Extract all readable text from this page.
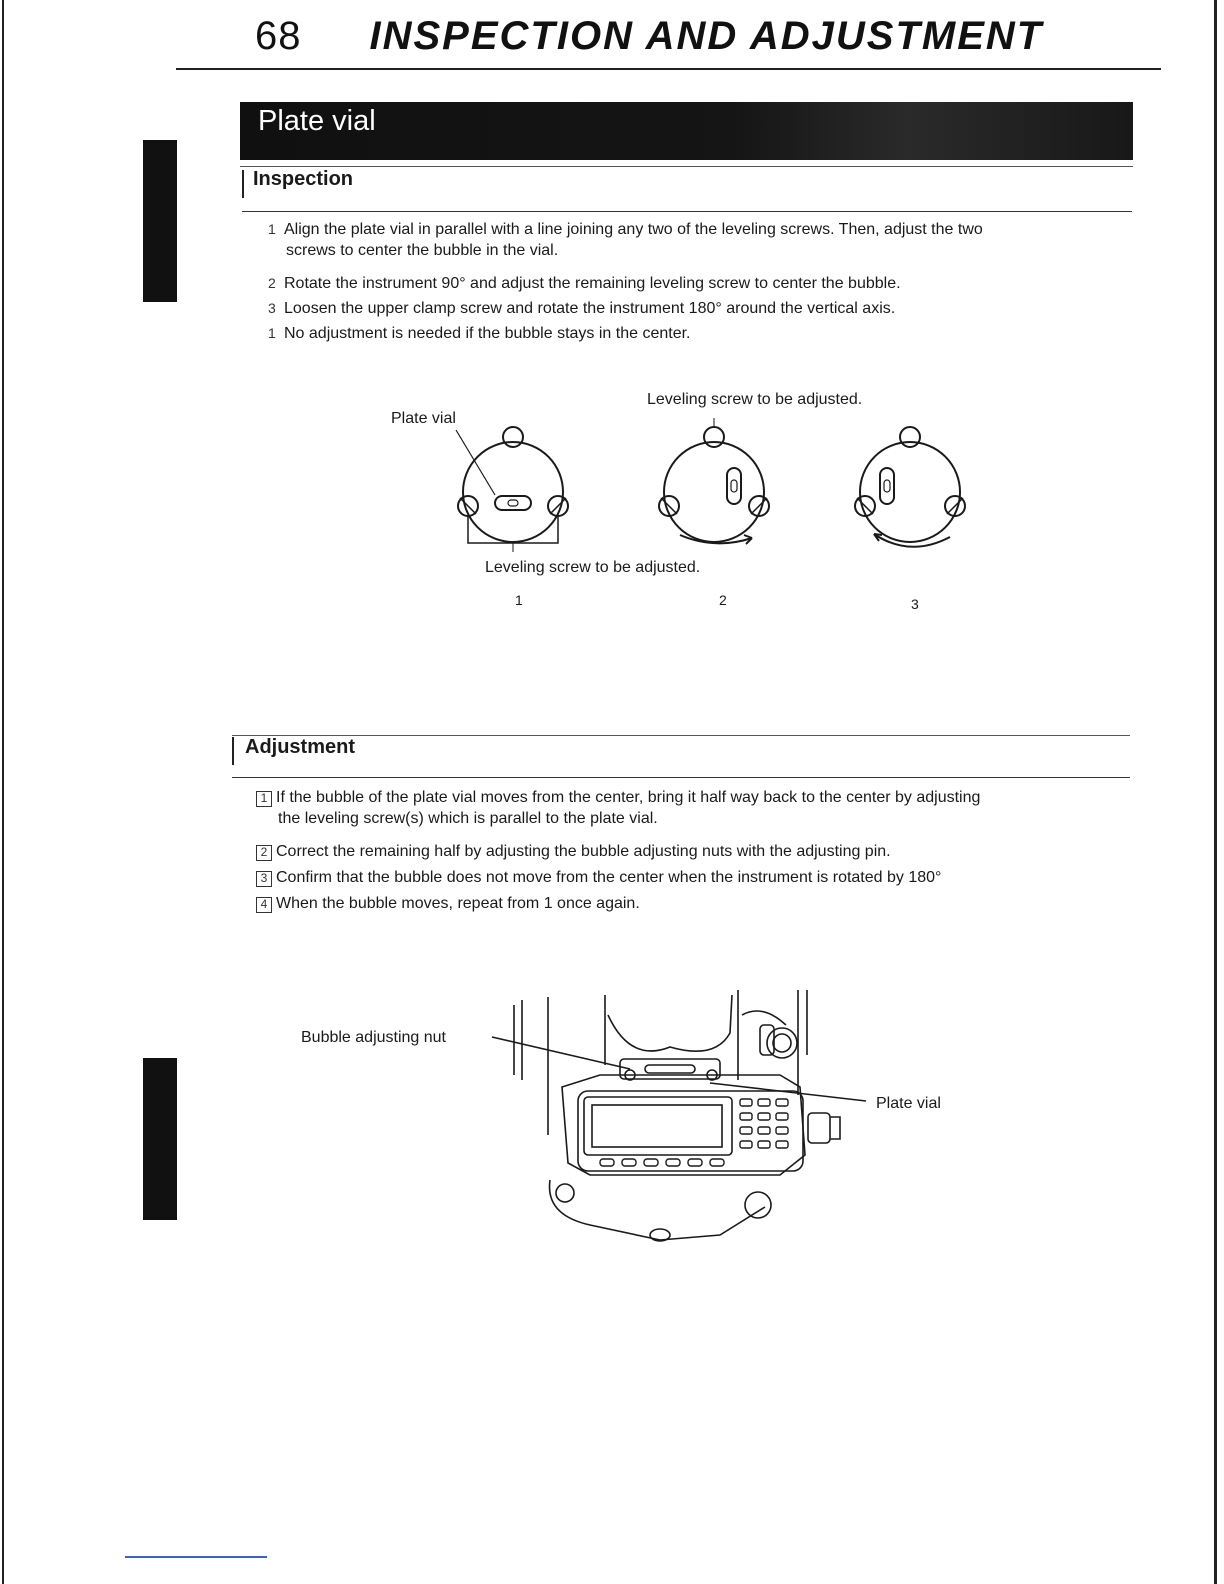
68 INSPECTION AND ADJUSTMENT
Plate vial
Inspection
1 Align the plate vial in parallel with a line joining any two of the leveling screws. Then, adjust the two
screws to center the bubble in the vial.
2 Rotate the instrument 90° and adjust the remaining leveling screw to center the bubble.
3 Loosen the upper clamp screw and rotate the instrument 180° around the vertical axis.
1 No adjustment is needed if the bubble stays in the center.
Leveling screw to be adjusted.
Plate vial
Leveling screw to be adjusted.
1	2	3
Adjustment
1 If the bubble of the plate vial moves from the center, bring it half way back to the center by adjusting
the leveling screw(s) which is parallel to the plate vial.
2 Correct the remaining half by adjusting the bubble adjusting nuts with the adjusting pin.
3 Confirm that the bubble does not move from the center when the instrument is rotated by 180°
4 When the bubble moves, repeat from 1 once again.
Bubble adjusting nut
Plate vial
